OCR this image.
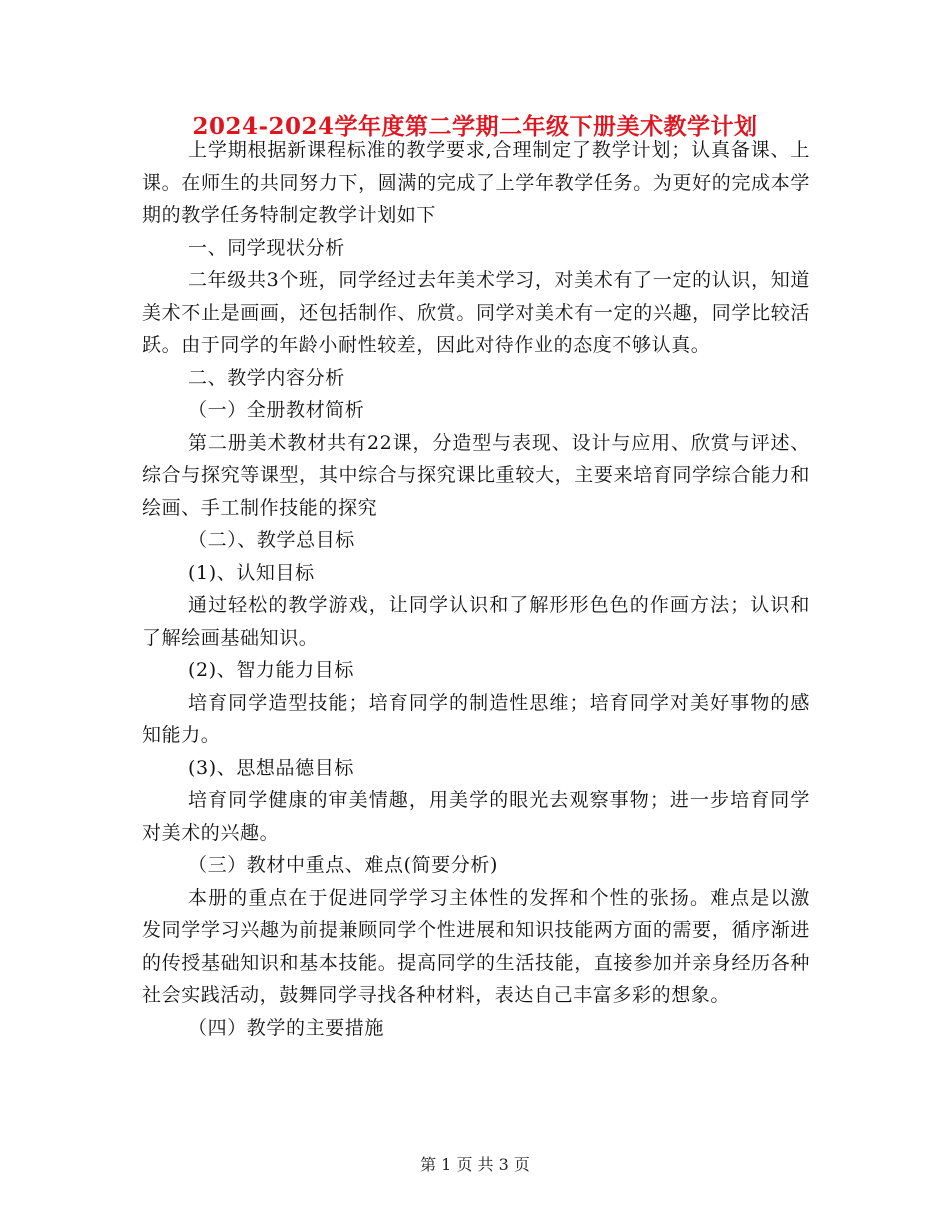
2024-2024学年度第二学期二年级下册美术教学计划

上学期根据新课程标准的教学要求,合理制定了教学计划；认真备课、上课。在师生的共同努力下，圆满的完成了上学年教学任务。为更好的完成本学期的教学任务特制定教学计划如下

一、同学现状分析

二年级共3个班，同学经过去年美术学习，对美术有了一定的认识，知道美术不止是画画，还包括制作、欣赏。同学对美术有一定的兴趣，同学比较活跃。由于同学的年龄小耐性较差，因此对待作业的态度不够认真。

二、教学内容分析

（一）全册教材简析

第二册美术教材共有22课，分造型与表现、设计与应用、欣赏与评述、综合与探究等课型，其中综合与探究课比重较大，主要来培育同学综合能力和绘画、手工制作技能的探究

（二）、教学总目标

(1)、认知目标

通过轻松的教学游戏，让同学认识和了解形形色色的作画方法；认识和了解绘画基础知识。

(2)、智力能力目标

培育同学造型技能；培育同学的制造性思维；培育同学对美好事物的感知能力。

(3)、思想品德目标

培育同学健康的审美情趣，用美学的眼光去观察事物；进一步培育同学对美术的兴趣。

（三）教材中重点、难点(简要分析)

本册的重点在于促进同学学习主体性的发挥和个性的张扬。难点是以激发同学学习兴趣为前提兼顾同学个性进展和知识技能两方面的需要，循序渐进的传授基础知识和基本技能。提高同学的生活技能，直接参加并亲身经历各种社会实践活动，鼓舞同学寻找各种材料，表达自己丰富多彩的想象。

（四）教学的主要措施

第 1 页 共 3 页
